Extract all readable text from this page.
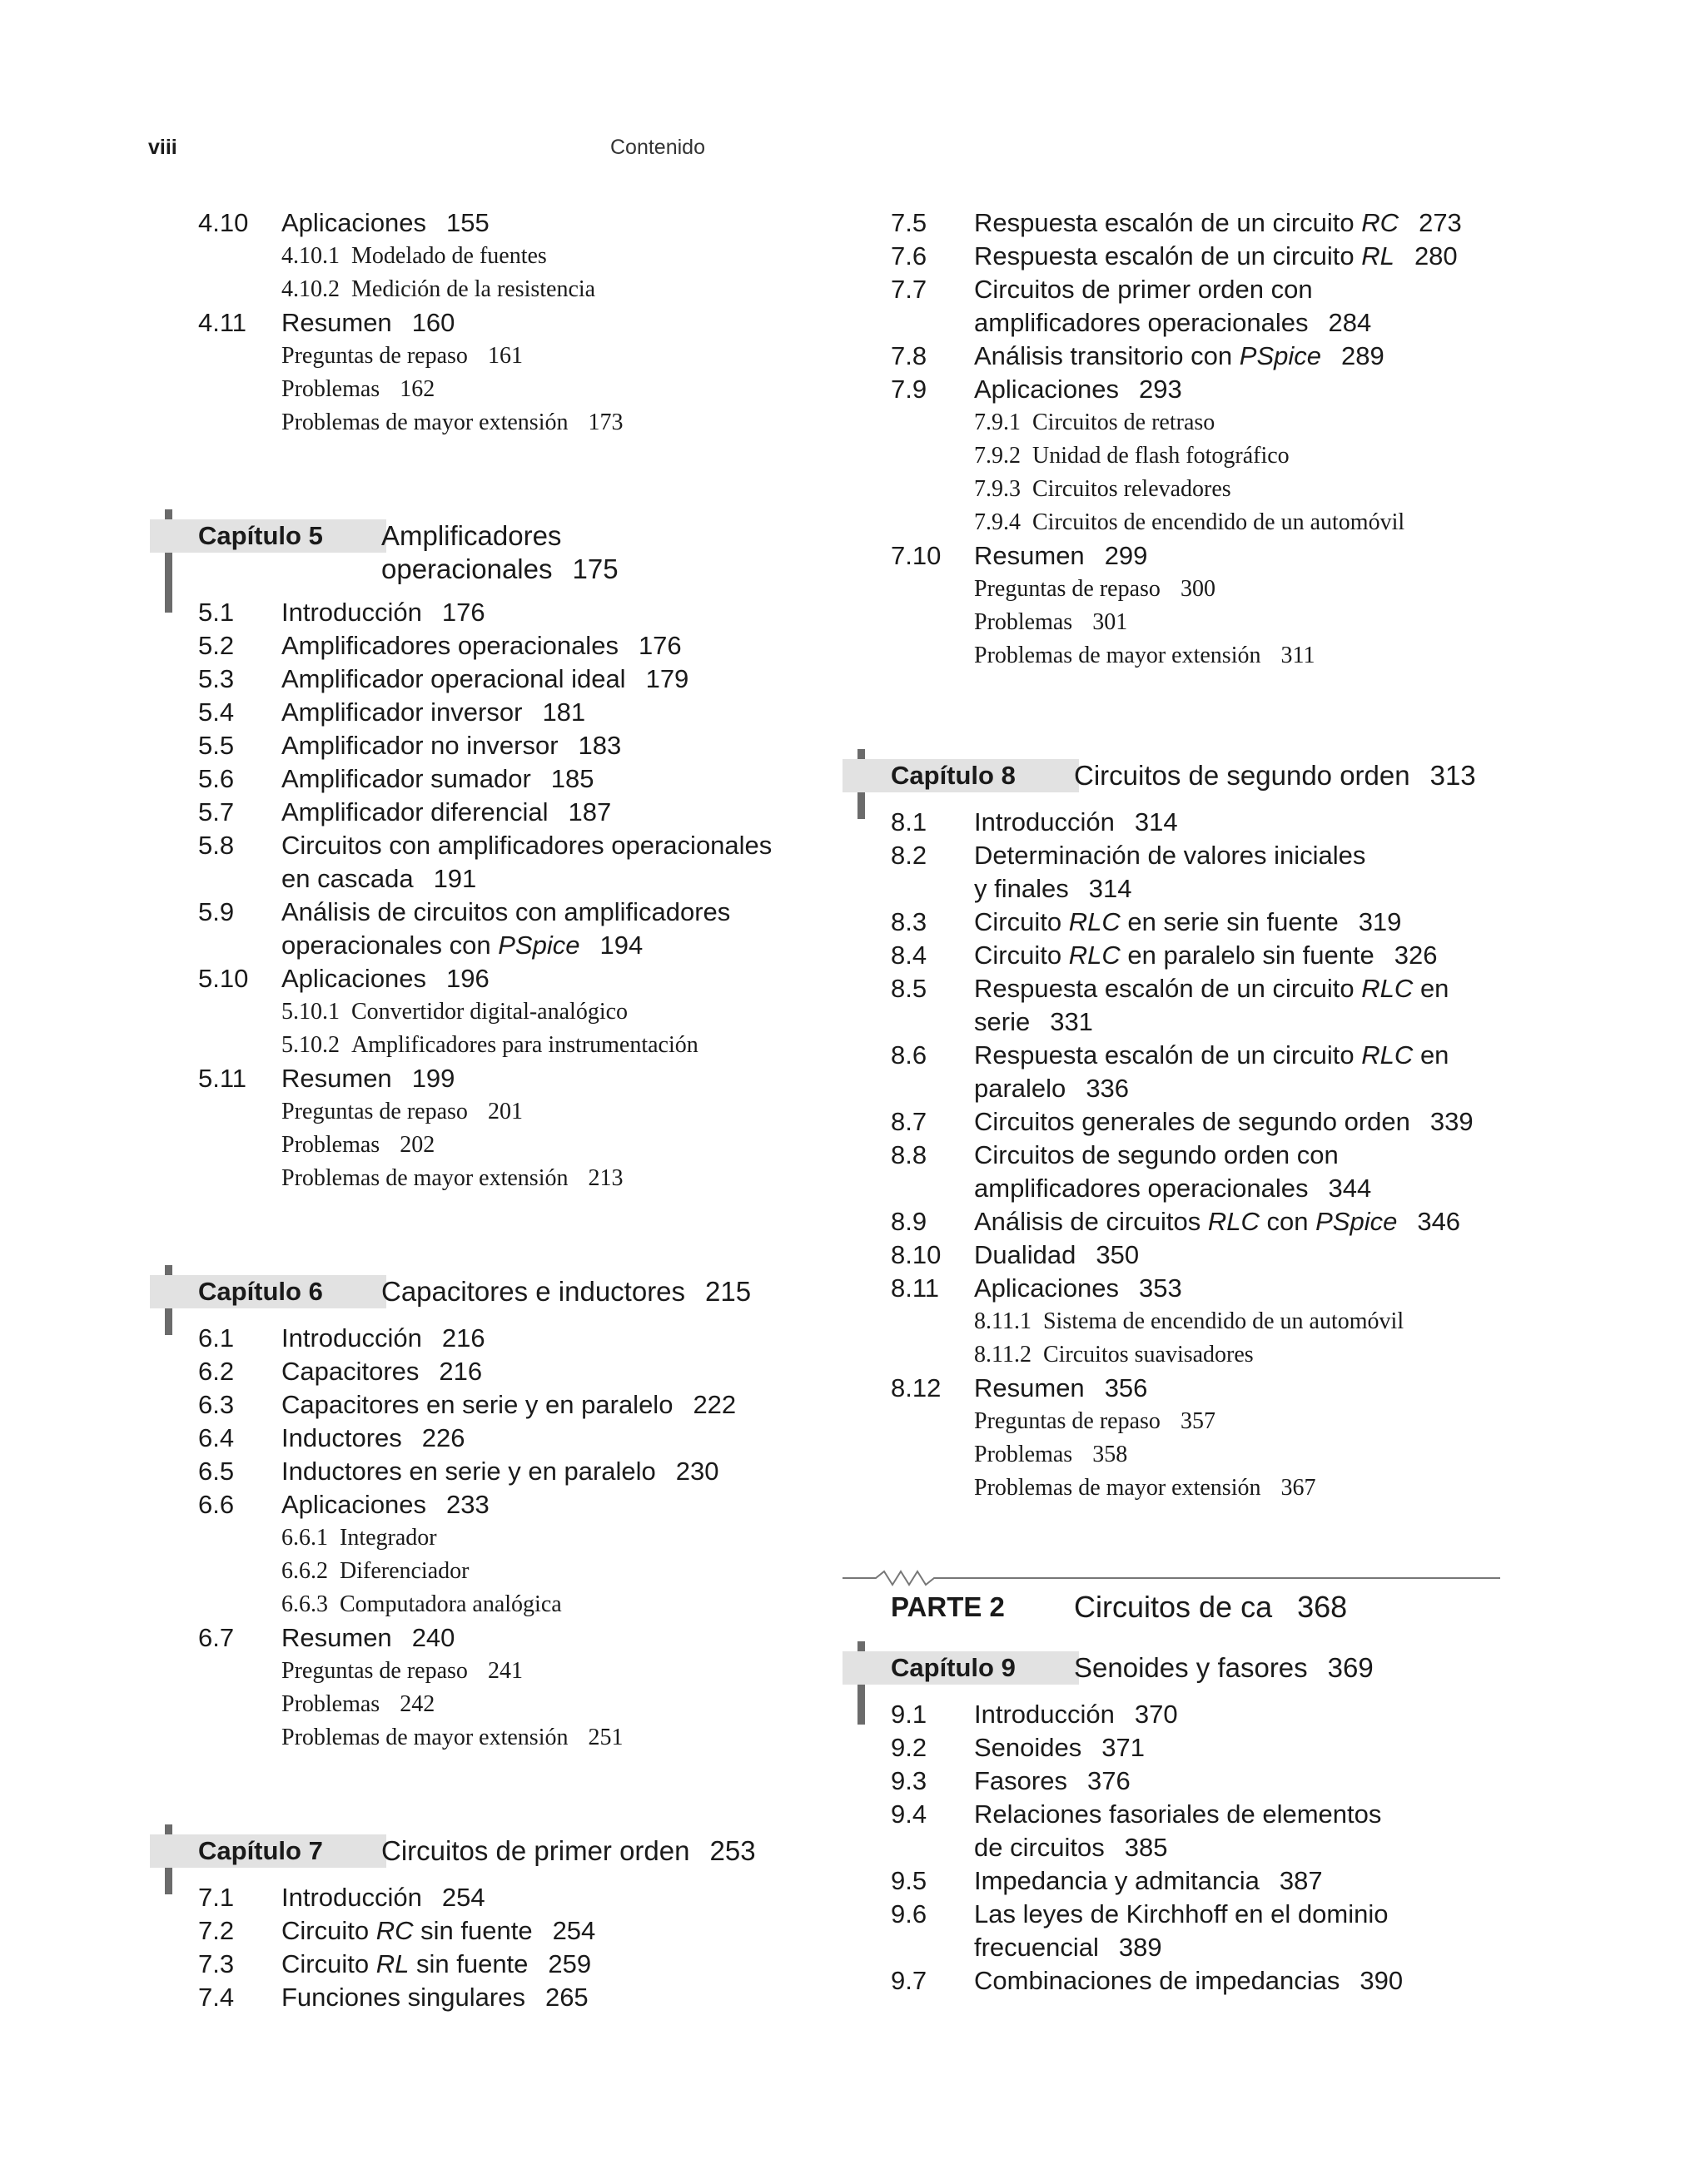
viii	Contenido
4.10 Aplicaciones 155
4.10.1 Modelado de fuentes
4.10.2 Medición de la resistencia
4.11 Resumen 160
Preguntas de repaso 161
Problemas 162
Problemas de mayor extensión 173
Capítulo 5	Amplificadores
operacionales 175
5.1 Introducción 176
5.2 Amplificadores operacionales 176
5.3 Amplificador operacional ideal 179
5.4 Amplificador inversor 181
5.5 Amplificador no inversor 183
5.6 Amplificador sumador 185
5.7 Amplificador diferencial 187
5.8 Circuitos con amplificadores operacionales
en cascada 191
5.9 Análisis de circuitos con amplificadores
operacionales con PSpice 194
5.10 Aplicaciones 196
5.10.1 Convertidor digital-analógico
5.10.2 Amplificadores para instrumentación
5.11 Resumen 199
Preguntas de repaso 201
Problemas 202
Problemas de mayor extensión 213
Capítulo 6	Capacitores e inductores 215
6.1 Introducción 216
6.2 Capacitores 216
6.3 Capacitores en serie y en paralelo 222
6.4 Inductores 226
6.5 Inductores en serie y en paralelo 230
6.6 Aplicaciones 233
6.6.1 Integrador
6.6.2 Diferenciador
6.6.3 Computadora analógica
6.7 Resumen 240
Preguntas de repaso 241
Problemas 242
Problemas de mayor extensión 251
Capítulo 7	Circuitos de primer orden 253
7.1 Introducción 254
7.2 Circuito RC sin fuente 254
7.3 Circuito RL sin fuente 259
7.4 Funciones singulares 265
7.5 Respuesta escalón de un circuito RC 273
7.6 Respuesta escalón de un circuito RL 280
7.7 Circuitos de primer orden con
amplificadores operacionales 284
7.8 Análisis transitorio con PSpice 289
7.9 Aplicaciones 293
7.9.1 Circuitos de retraso
7.9.2 Unidad de flash fotográfico
7.9.3 Circuitos relevadores
7.9.4 Circuitos de encendido de un automóvil
7.10 Resumen 299
Preguntas de repaso 300
Problemas 301
Problemas de mayor extensión 311
Capítulo 8	Circuitos de segundo orden 313
8.1 Introducción 314
8.2 Determinación de valores iniciales
y finales 314
8.3 Circuito RLC en serie sin fuente 319
8.4 Circuito RLC en paralelo sin fuente 326
8.5 Respuesta escalón de un circuito RLC en
serie 331
8.6 Respuesta escalón de un circuito RLC en
paralelo 336
8.7 Circuitos generales de segundo orden 339
8.8 Circuitos de segundo orden con
amplificadores operacionales 344
8.9 Análisis de circuitos RLC con PSpice 346
8.10 Dualidad 350
8.11 Aplicaciones 353
8.11.1 Sistema de encendido de un automóvil
8.11.2 Circuitos suavisadores
8.12 Resumen 356
Preguntas de repaso 357
Problemas 358
Problemas de mayor extensión 367
PARTE 2 Circuitos de ca 368
Capítulo 9	Senoides y fasores 369
9.1 Introducción 370
9.2 Senoides 371
9.3 Fasores 376
9.4 Relaciones fasoriales de elementos
de circuitos 385
9.5 Impedancia y admitancia 387
9.6 Las leyes de Kirchhoff en el dominio
frecuencial 389
9.7 Combinaciones de impedancias 390
